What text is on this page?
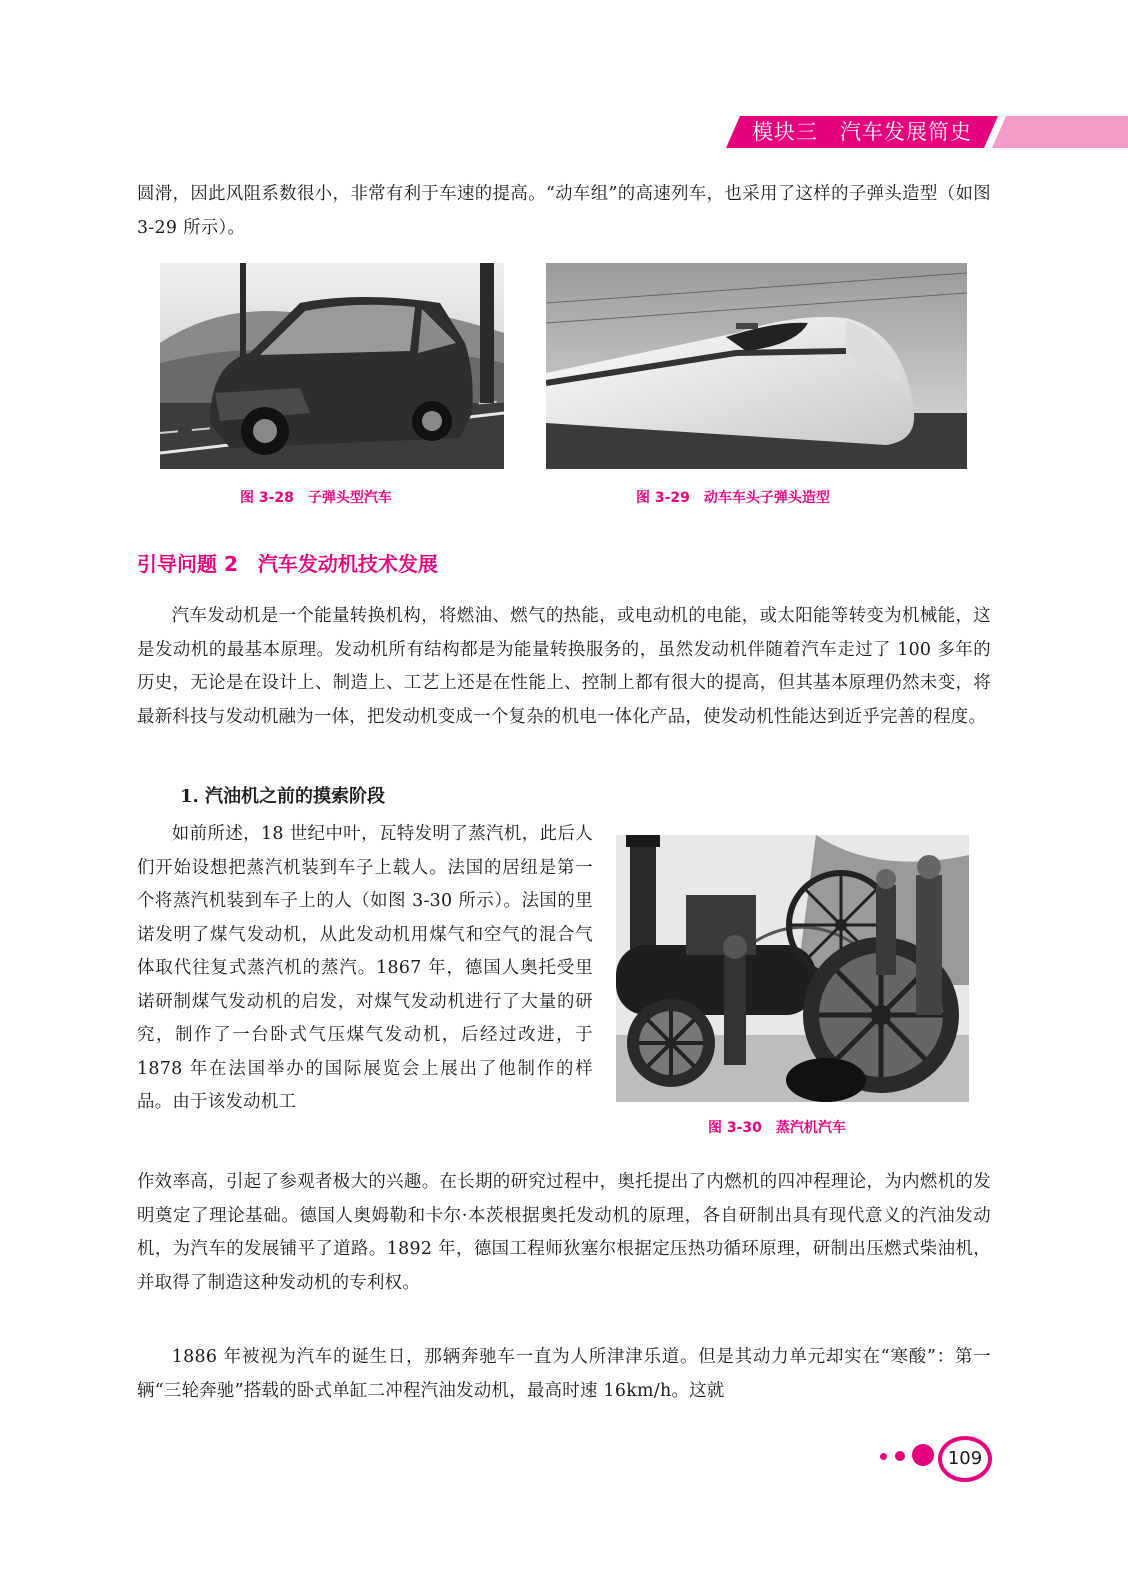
模块三　汽车发展简史

圆滑，因此风阻系数很小，非常有利于车速的提高。“动车组”的高速列车，也采用了这样的子弹头造型（如图 3-29 所示）。

图 3-28　子弹头型汽车	图 3-29　动车车头子弹头造型
引导问题 2　汽车发动机技术发展

汽车发动机是一个能量转换机构，将燃油、燃气的热能，或电动机的电能，或太阳能等转变为机械能，这是发动机的最基本原理。发动机所有结构都是为能量转换服务的，虽然发动机伴随着汽车走过了 100 多年的历史，无论是在设计上、制造上、工艺上还是在性能上、控制上都有很大的提高，但其基本原理仍然未变，将最新科技与发动机融为一体，把发动机变成一个复杂的机电一体化产品，使发动机性能达到近乎完善的程度。

1. 汽油机之前的摸索阶段

如前所述，18 世纪中叶，瓦特发明了蒸汽机，此后人们开始设想把蒸汽机装到车子上载人。法国的居纽是第一个将蒸汽机装到车子上的人（如图 3-30 所示）。法国的里诺发明了煤气发动机，从此发动机用煤气和空气的混合气体取代往复式蒸汽机的蒸汽。1867 年，德国人奥托受里诺研制煤气发动机的启发，对煤气发动机进行了大量的研究，制作了一台卧式气压煤气发动机，后经过改进，于 1878 年在法国举办的国际展览会上展出了他制作的样品。由于该发动机工

图 3-30　蒸汽机汽车

作效率高，引起了参观者极大的兴趣。在长期的研究过程中，奥托提出了内燃机的四冲程理论，为内燃机的发明奠定了理论基础。德国人奥姆勒和卡尔·本茨根据奥托发动机的原理，各自研制出具有现代意义的汽油发动机，为汽车的发展铺平了道路。1892 年，德国工程师狄塞尔根据定压热功循环原理，研制出压燃式柴油机，并取得了制造这种发动机的专利权。

1886 年被视为汽车的诞生日，那辆奔驰车一直为人所津津乐道。但是其动力单元却实在“寒酸”：第一辆“三轮奔驰”搭载的卧式单缸二冲程汽油发动机，最高时速 16km/h。这就

109
